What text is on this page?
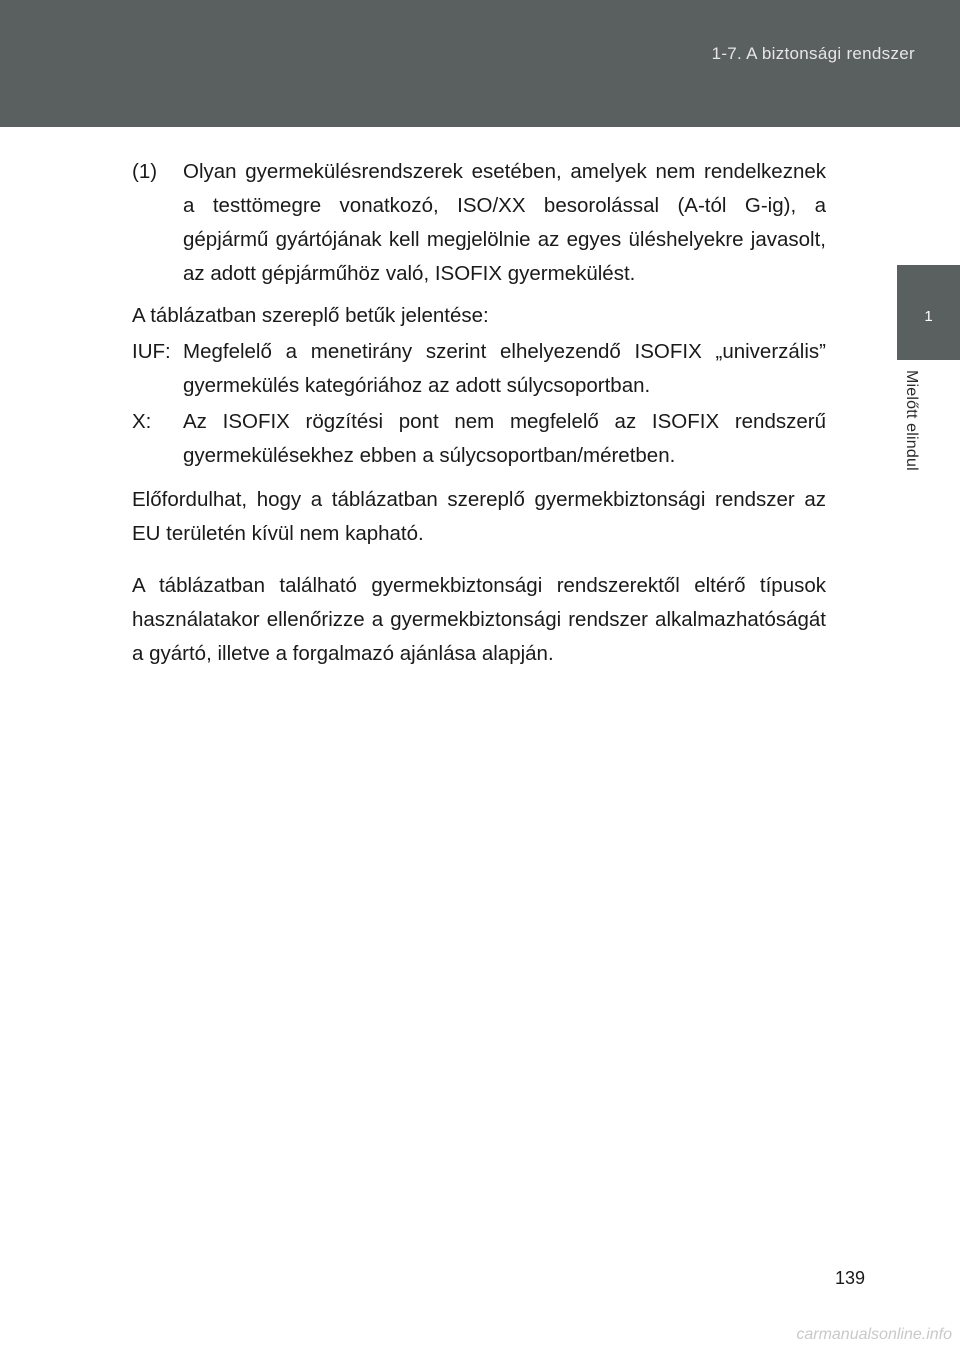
1-7. A biztonsági rendszer
1
Mielőtt elindul
(1)	Olyan gyermekülésrendszerek esetében, amelyek nem rendelkeznek a testtömegre vonatkozó, ISO/XX besorolással (A-tól G-ig), a gépjármű gyártójának kell megjelölnie az egyes üléshelyekre javasolt, az adott gépjárműhöz való, ISOFIX gyermekülést.

A táblázatban szereplő betűk jelentése:

IUF: Megfelelő a menetirány szerint elhelyezendő ISOFIX „univerzális” gyermekülés kategóriához az adott súlycsoportban.
X:	Az ISOFIX rögzítési pont nem megfelelő az ISOFIX rendszerű gyermekülésekhez ebben a súlycsoportban/méretben.

Előfordulhat, hogy a táblázatban szereplő gyermekbiztonsági rendszer az EU területén kívül nem kapható.

A táblázatban található gyermekbiztonsági rendszerektől eltérő típusok használatakor ellenőrizze a gyermekbiztonsági rendszer alkalmazhatóságát a gyártó, illetve a forgalmazó ajánlása alapján.

139
carmanualsonline.info
